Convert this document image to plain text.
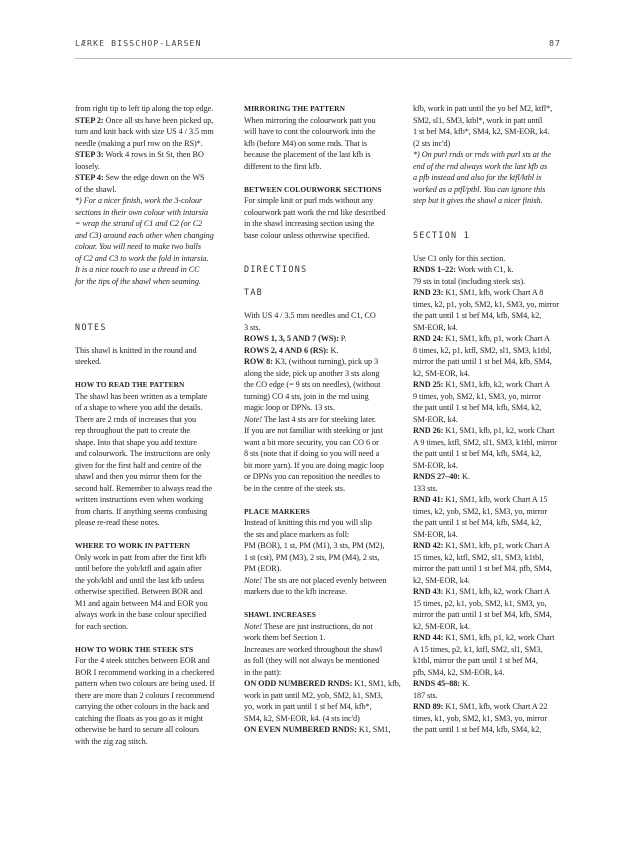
LÆRKE BISSCHOP-LARSEN	87
from right tip to left tip along the top edge.
STEP 2: Once all sts have been picked up,
turn and knit back with size US 4 / 3.5 mm
needle (making a purl row on the RS)*.
STEP 3: Work 4 rows in St St, then BO
loosely.
STEP 4: Sew the edge down on the WS
of the shawl.
*) For a nicer finish, work the 3-colour
sections in their own colour with intarsia
= wrap the strand of C1 and C2 (or C2
and C3) around each other when changing
colour. You will need to make two balls
of C2 and C3 to work the fold in intarsia.
It is a nice touch to use a thread in CC
for the tips of the shawl when seaming.
NOTES
This shawl is knitted in the round and
steeked.
HOW TO READ THE PATTERN
The shawl has been written as a template
of a shape to where you add the details.
There are 2 rnds of increases that you
rep throughout the patt to create the
shape. Into that shape you add texture
and colourwork. The instructions are only
given for the first half and centre of the
shawl and then you mirror them for the
second half. Remember to always read the
written instructions even when working
from charts. If anything seems confusing
please re-read these notes.
WHERE TO WORK IN PATTERN
Only work in patt from after the first kfb
until before the yob/ktfl and again after
the yob/ktbl and until the last kfb unless
otherwise specified. Between BOR and
M1 and again between M4 and EOR you
always work in the base colour specified
for each section.
HOW TO WORK THE STEEK STS
For the 4 steek stitches between EOR and
BOR I recommend working in a checkered
pattern when two colours are being used. If
there are more than 2 colours I recommend
carrying the other colours in the back and
catching the floats as you go as it might
otherwise be hard to secure all colours
with the zig zag stitch.
MIRRORING THE PATTERN
When mirroring the colourwork patt you
will have to cont the colourwork into the
kfb (before M4) on some rnds. That is
because the placement of the last kfb is
different to the first kfb.
BETWEEN COLOURWORK SECTIONS
For simple knit or purl rnds without any
colourwork patt work the rnd like described
in the shawl increasing section using the
base colour unless otherwise specified.
DIRECTIONS
TAB
With US 4 / 3.5 mm needles and C1, CO
3 sts.
ROWS 1, 3, 5 AND 7 (WS): P.
ROWS 2, 4 AND 6 (RS): K.
ROW 8: K3, (without turning), pick up 3
along the side, pick up another 3 sts along
the CO edge (= 9 sts on needles), (without
turning) CO 4 sts, join in the rnd using
magic loop or DPNs. 13 sts.
Note! The last 4 sts are for steeking later.
If you are not familiar with steeking or just
want a bit more security, you can CO 6 or
8 sts (note that if doing so you will need a
bit more yarn). If you are doing magic loop
or DPNs you can reposition the needles to
be in the centre of the steek sts.
PLACE MARKERS
Instead of knitting this rnd you will slip
the sts and place markers as foll:
PM (BOR), 1 st, PM (M1), 3 sts, PM (M2),
1 st (cst), PM (M3), 2 sts, PM (M4), 2 sts,
PM (EOR).
Note! The sts are not placed evenly between
markers due to the kfb increase.
SHAWL INCREASES
Note! These are just instructions, do not
work them bef Section 1.
Increases are worked throughout the shawl
as foll (they will not always be mentioned
in the patt):
ON ODD NUMBERED RNDS: K1, SM1, kfb,
work in patt until M2, yob, SM2, k1, SM3,
yo, work in patt until 1 st bef M4, kfb*,
SM4, k2, SM-EOR, k4. (4 sts inc'd)
ON EVEN NUMBERED RNDS: K1, SM1,
kfb, work in patt until the yo bef M2, ktfl*,
SM2, sl1, SM3, ktbl*, work in patt until
1 st bef M4, kfb*, SM4, k2, SM-EOR, k4.
(2 sts inc'd)
*) On purl rnds or rnds with purl sts at the
end of the rnd always work the last kfb as
a pfb instead and also for the ktfl/ktbl is
worked as a ptfl/ptbl. You can ignore this
step but it gives the shawl a nicer finish.
SECTION 1
Use C1 only for this section.
RNDS 1–22: Work with C1, k.
79 sts in total (including steek sts).
RND 23: K1, SM1, kfb, work Chart A 8
times, k2, p1, yob, SM2, k1, SM3, yo, mirror
the patt until 1 st bef M4, kfb, SM4, k2,
SM-EOR, k4.
RND 24: K1, SM1, kfb, p1, work Chart A
8 times, k2, p1, ktfl, SM2, sl1, SM3, k1tbl,
mirror the patt until 1 st bef M4, kfb, SM4,
k2, SM-EOR, k4.
RND 25: K1, SM1, kfb, k2, work Chart A
9 times, yob, SM2, k1, SM3, yo, mirror
the patt until 1 st bef M4, kfb, SM4, k2,
SM-EOR, k4.
RND 26: K1, SM1, kfb, p1, k2, work Chart
A 9 times, ktfl, SM2, sl1, SM3, k1tbl, mirror
the patt until 1 st bef M4, kfb, SM4, k2,
SM-EOR, k4.
RNDS 27–40: K.
133 sts.
RND 41: K1, SM1, kfb, work Chart A 15
times, k2, yob, SM2, k1, SM3, yo, mirror
the patt until 1 st bef M4, kfb, SM4, k2,
SM-EOR, k4.
RND 42: K1, SM1, kfb, p1, work Chart A
15 times, k2, ktfl, SM2, sl1, SM3, k1tbl,
mirror the patt until 1 st bef M4, pfb, SM4,
k2, SM-EOR, k4.
RND 43: K1, SM1, kfb, k2, work Chart A
15 times, p2, k1, yob, SM2, k1, SM3, yo,
mirror the patt until 1 st bef M4, kfb, SM4,
k2, SM-EOR, k4.
RND 44: K1, SM1, kfb, p1, k2, work Chart
A 15 times, p2, k1, ktfl, SM2, sl1, SM3,
k1tbl, mirror the patt until 1 st bef M4,
pfb, SM4, k2, SM-EOR, k4.
RNDS 45–88: K.
187 sts.
RND 89: K1, SM1, kfb, work Chart A 22
times, k1, yob, SM2, k1, SM3, yo, mirror
the patt until 1 st bef M4, kfb, SM4, k2,
